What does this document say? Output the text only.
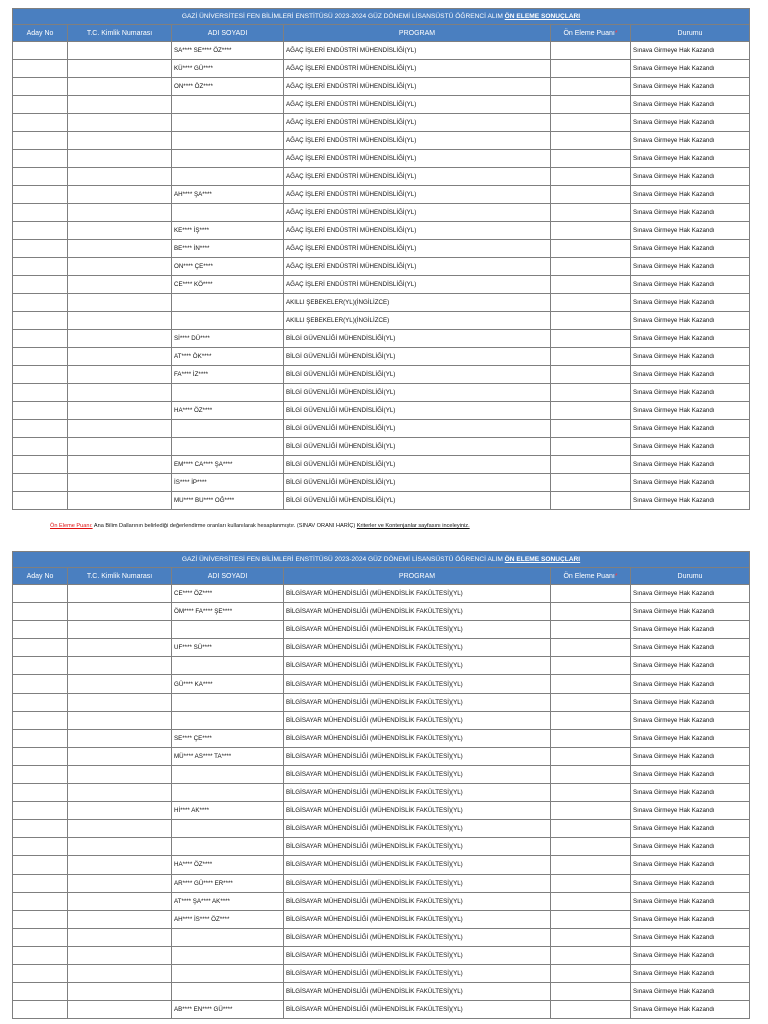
GAZİ ÜNİVERSİTESİ FEN BİLİMLERİ ENSTİTÜSÜ 2023-2024 GÜZ DÖNEMİ LİSANSÜSTÜ ÖĞRENCİ ALIM ÖN ELEME SONUÇLARI					
Aday No	T.C. Kimlik Numarası	ADI SOYADI	PROGRAM	Ön Eleme Puanı*	Durumu
		SA**** SE**** ÖZ****	AĞAÇ İŞLERİ ENDÜSTRİ MÜHENDİSLİĞİ(YL)		Sınava Girmeye Hak Kazandı
		KÜ**** GÜ****	AĞAÇ İŞLERİ ENDÜSTRİ MÜHENDİSLİĞİ(YL)		Sınava Girmeye Hak Kazandı
		ON**** ÖZ****	AĞAÇ İŞLERİ ENDÜSTRİ MÜHENDİSLİĞİ(YL)		Sınava Girmeye Hak Kazandı
			AĞAÇ İŞLERİ ENDÜSTRİ MÜHENDİSLİĞİ(YL)		Sınava Girmeye Hak Kazandı
			AĞAÇ İŞLERİ ENDÜSTRİ MÜHENDİSLİĞİ(YL)		Sınava Girmeye Hak Kazandı
			AĞAÇ İŞLERİ ENDÜSTRİ MÜHENDİSLİĞİ(YL)		Sınava Girmeye Hak Kazandı
			AĞAÇ İŞLERİ ENDÜSTRİ MÜHENDİSLİĞİ(YL)		Sınava Girmeye Hak Kazandı
			AĞAÇ İŞLERİ ENDÜSTRİ MÜHENDİSLİĞİ(YL)		Sınava Girmeye Hak Kazandı
		AH**** ŞA****	AĞAÇ İŞLERİ ENDÜSTRİ MÜHENDİSLİĞİ(YL)		Sınava Girmeye Hak Kazandı
			AĞAÇ İŞLERİ ENDÜSTRİ MÜHENDİSLİĞİ(YL)		Sınava Girmeye Hak Kazandı
		KE**** İŞ****	AĞAÇ İŞLERİ ENDÜSTRİ MÜHENDİSLİĞİ(YL)		Sınava Girmeye Hak Kazandı
		BE**** İN****	AĞAÇ İŞLERİ ENDÜSTRİ MÜHENDİSLİĞİ(YL)		Sınava Girmeye Hak Kazandı
		ON**** ÇE****	AĞAÇ İŞLERİ ENDÜSTRİ MÜHENDİSLİĞİ(YL)		Sınava Girmeye Hak Kazandı
		CE**** KÖ****	AĞAÇ İŞLERİ ENDÜSTRİ MÜHENDİSLİĞİ(YL)		Sınava Girmeye Hak Kazandı
			AKILLI ŞEBEKELER(YL)(İNGİLİZCE)		Sınava Girmeye Hak Kazandı
			AKILLI ŞEBEKELER(YL)(İNGİLİZCE)		Sınava Girmeye Hak Kazandı
		Sİ**** DÜ****	BİLGİ GÜVENLİĞİ MÜHENDİSLİĞİ(YL)		Sınava Girmeye Hak Kazandı
		AT**** ÖK****	BİLGİ GÜVENLİĞİ MÜHENDİSLİĞİ(YL)		Sınava Girmeye Hak Kazandı
		FA**** İZ****	BİLGİ GÜVENLİĞİ MÜHENDİSLİĞİ(YL)		Sınava Girmeye Hak Kazandı
			BİLGİ GÜVENLİĞİ MÜHENDİSLİĞİ(YL)		Sınava Girmeye Hak Kazandı
		HA**** ÖZ****	BİLGİ GÜVENLİĞİ MÜHENDİSLİĞİ(YL)		Sınava Girmeye Hak Kazandı
			BİLGİ GÜVENLİĞİ MÜHENDİSLİĞİ(YL)		Sınava Girmeye Hak Kazandı
			BİLGİ GÜVENLİĞİ MÜHENDİSLİĞİ(YL)		Sınava Girmeye Hak Kazandı
		EM**** CA**** ŞA****	BİLGİ GÜVENLİĞİ MÜHENDİSLİĞİ(YL)		Sınava Girmeye Hak Kazandı
		İS**** İP****	BİLGİ GÜVENLİĞİ MÜHENDİSLİĞİ(YL)		Sınava Girmeye Hak Kazandı
		MU**** BU**** OĞ****	BİLGİ GÜVENLİĞİ MÜHENDİSLİĞİ(YL)		Sınava Girmeye Hak Kazandı
Ön Eleme Puanı: Ana Bilim Dallarının belirlediği değerlendirme oranları kullanılarak hesaplanmıştır. (SINAV ORANI HARİÇ) Kriterler ve Kontenjanlar sayfasını inceleyiniz.
GAZİ ÜNİVERSİTESİ FEN BİLİMLERİ ENSTİTÜSÜ 2023-2024 GÜZ DÖNEMİ LİSANSÜSTÜ ÖĞRENCİ ALIM ÖN ELEME SONUÇLARI					
Aday No	T.C. Kimlik Numarası	ADI SOYADI	PROGRAM	Ön Eleme Puanı*	Durumu
		CE**** ÖZ****	BİLGİSAYAR MÜHENDİSLİĞİ (MÜHENDİSLİK FAKÜLTESİ)(YL)		Sınava Girmeye Hak Kazandı
		ÖM**** FA**** ŞE****	BİLGİSAYAR MÜHENDİSLİĞİ (MÜHENDİSLİK FAKÜLTESİ)(YL)		Sınava Girmeye Hak Kazandı
			BİLGİSAYAR MÜHENDİSLİĞİ (MÜHENDİSLİK FAKÜLTESİ)(YL)		Sınava Girmeye Hak Kazandı
		UF**** SÜ****	BİLGİSAYAR MÜHENDİSLİĞİ (MÜHENDİSLİK FAKÜLTESİ)(YL)		Sınava Girmeye Hak Kazandı
			BİLGİSAYAR MÜHENDİSLİĞİ (MÜHENDİSLİK FAKÜLTESİ)(YL)		Sınava Girmeye Hak Kazandı
		GÜ**** KA****	BİLGİSAYAR MÜHENDİSLİĞİ (MÜHENDİSLİK FAKÜLTESİ)(YL)		Sınava Girmeye Hak Kazandı
			BİLGİSAYAR MÜHENDİSLİĞİ (MÜHENDİSLİK FAKÜLTESİ)(YL)		Sınava Girmeye Hak Kazandı
			BİLGİSAYAR MÜHENDİSLİĞİ (MÜHENDİSLİK FAKÜLTESİ)(YL)		Sınava Girmeye Hak Kazandı
		SE**** ÇE****	BİLGİSAYAR MÜHENDİSLİĞİ (MÜHENDİSLİK FAKÜLTESİ)(YL)		Sınava Girmeye Hak Kazandı
		MÜ**** AS**** TA****	BİLGİSAYAR MÜHENDİSLİĞİ (MÜHENDİSLİK FAKÜLTESİ)(YL)		Sınava Girmeye Hak Kazandı
			BİLGİSAYAR MÜHENDİSLİĞİ (MÜHENDİSLİK FAKÜLTESİ)(YL)		Sınava Girmeye Hak Kazandı
			BİLGİSAYAR MÜHENDİSLİĞİ (MÜHENDİSLİK FAKÜLTESİ)(YL)		Sınava Girmeye Hak Kazandı
		Hİ**** AK****	BİLGİSAYAR MÜHENDİSLİĞİ (MÜHENDİSLİK FAKÜLTESİ)(YL)		Sınava Girmeye Hak Kazandı
			BİLGİSAYAR MÜHENDİSLİĞİ (MÜHENDİSLİK FAKÜLTESİ)(YL)		Sınava Girmeye Hak Kazandı
			BİLGİSAYAR MÜHENDİSLİĞİ (MÜHENDİSLİK FAKÜLTESİ)(YL)		Sınava Girmeye Hak Kazandı
		HA**** ÖZ****	BİLGİSAYAR MÜHENDİSLİĞİ (MÜHENDİSLİK FAKÜLTESİ)(YL)		Sınava Girmeye Hak Kazandı
		AR**** GÜ**** ER****	BİLGİSAYAR MÜHENDİSLİĞİ (MÜHENDİSLİK FAKÜLTESİ)(YL)		Sınava Girmeye Hak Kazandı
		AT**** ŞA**** AK****	BİLGİSAYAR MÜHENDİSLİĞİ (MÜHENDİSLİK FAKÜLTESİ)(YL)		Sınava Girmeye Hak Kazandı
		AH**** İS**** ÖZ****	BİLGİSAYAR MÜHENDİSLİĞİ (MÜHENDİSLİK FAKÜLTESİ)(YL)		Sınava Girmeye Hak Kazandı
			BİLGİSAYAR MÜHENDİSLİĞİ (MÜHENDİSLİK FAKÜLTESİ)(YL)		Sınava Girmeye Hak Kazandı
			BİLGİSAYAR MÜHENDİSLİĞİ (MÜHENDİSLİK FAKÜLTESİ)(YL)		Sınava Girmeye Hak Kazandı
			BİLGİSAYAR MÜHENDİSLİĞİ (MÜHENDİSLİK FAKÜLTESİ)(YL)		Sınava Girmeye Hak Kazandı
			BİLGİSAYAR MÜHENDİSLİĞİ (MÜHENDİSLİK FAKÜLTESİ)(YL)		Sınava Girmeye Hak Kazandı
		AB**** EN**** GÜ****	BİLGİSAYAR MÜHENDİSLİĞİ (MÜHENDİSLİK FAKÜLTESİ)(YL)		Sınava Girmeye Hak Kazandı
